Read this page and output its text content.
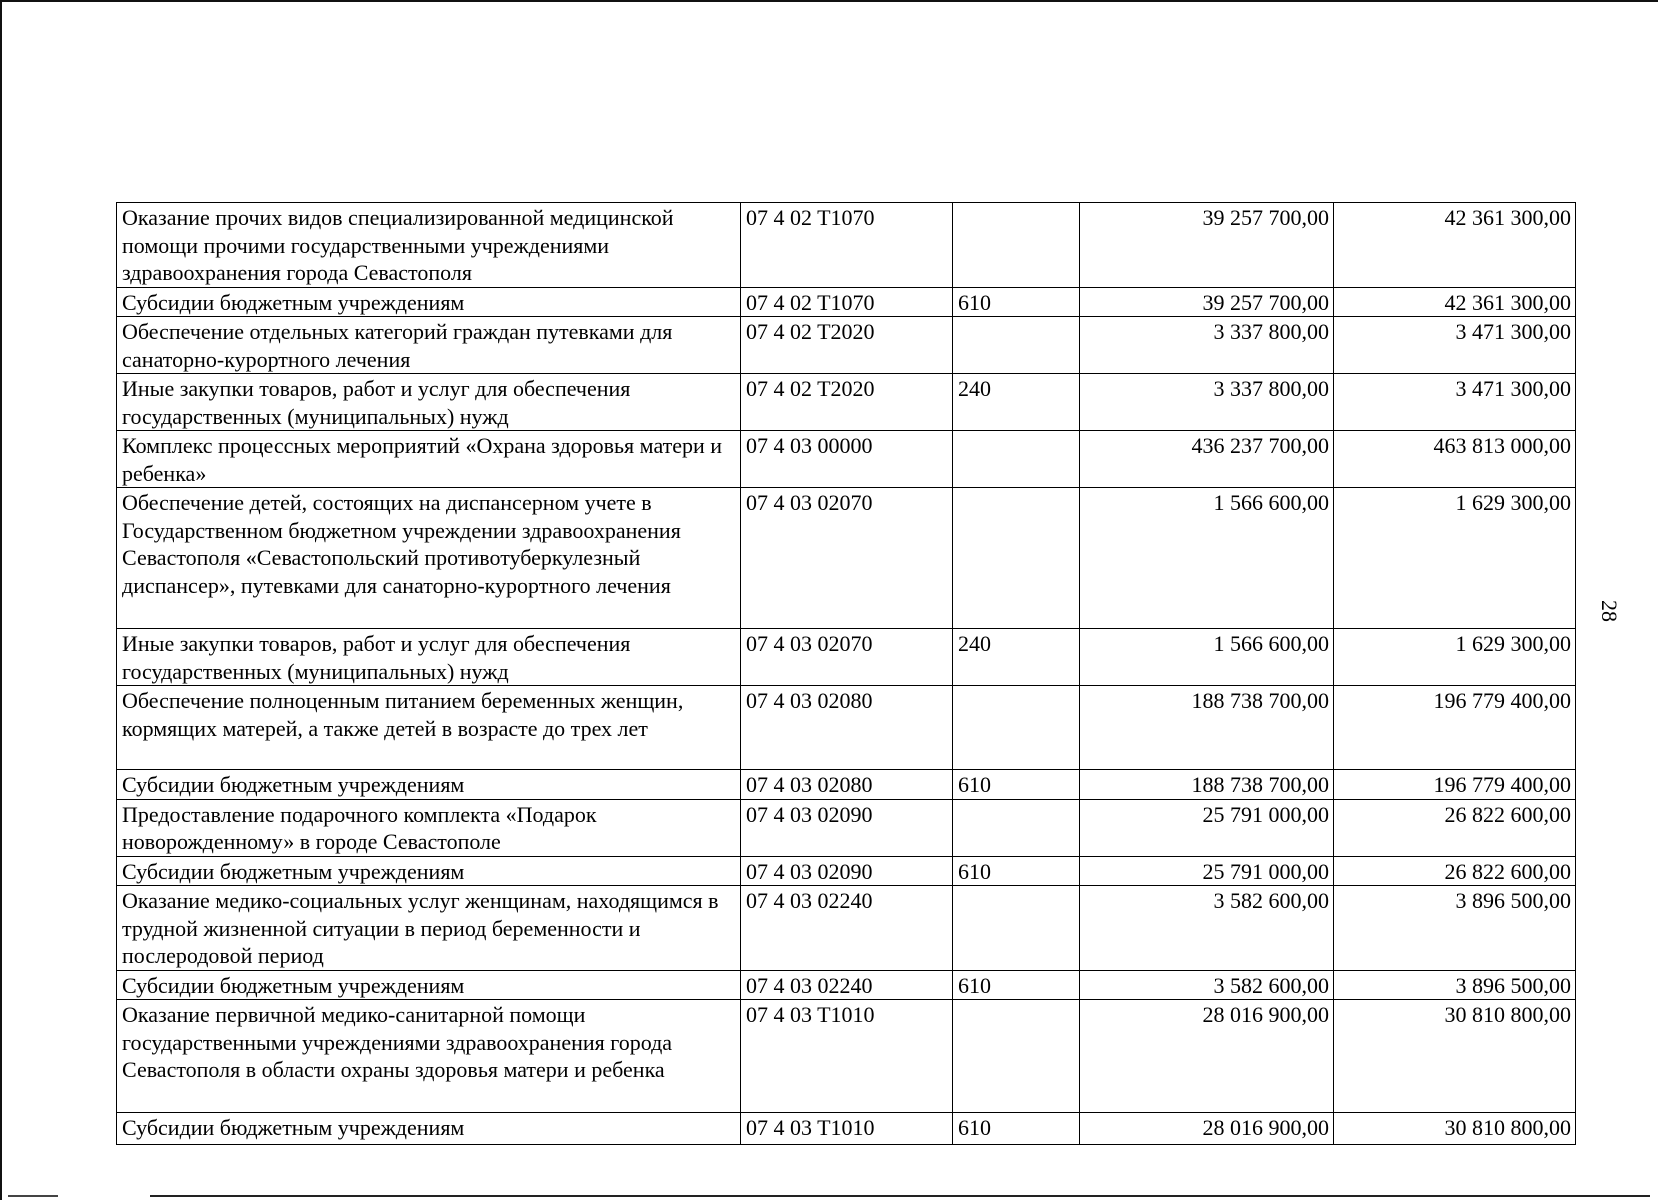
28
Оказание прочих видов специализированной медицинской помощи прочими государственными учреждениями здравоохранения города Севастополя	07 4 02 T1070		39 257 700,00	42 361 300,00
Субсидии бюджетным учреждениям	07 4 02 T1070	610	39 257 700,00	42 361 300,00
Обеспечение отдельных категорий граждан путевками для санаторно-курортного лечения	07 4 02 T2020		3 337 800,00	3 471 300,00
Иные закупки товаров, работ и услуг для обеспечения государственных (муниципальных) нужд	07 4 02 T2020	240	3 337 800,00	3 471 300,00
Комплекс процессных мероприятий «Охрана здоровья матери и ребенка»	07 4 03 00000		436 237 700,00	463 813 000,00
Обеспечение детей, состоящих на диспансерном учете в Государственном бюджетном учреждении здравоохранения Севастополя «Севастопольский противотуберкулезный диспансер», путевками для санаторно-курортного лечения	07 4 03 02070		1 566 600,00	1 629 300,00
Иные закупки товаров, работ и услуг для обеспечения государственных (муниципальных) нужд	07 4 03 02070	240	1 566 600,00	1 629 300,00
Обеспечение полноценным питанием беременных женщин, кормящих матерей, а также детей в возрасте до трех лет	07 4 03 02080		188 738 700,00	196 779 400,00
Субсидии бюджетным учреждениям	07 4 03 02080	610	188 738 700,00	196 779 400,00
Предоставление подарочного комплекта «Подарок новорожденному» в городе Севастополе	07 4 03 02090		25 791 000,00	26 822 600,00
Субсидии бюджетным учреждениям	07 4 03 02090	610	25 791 000,00	26 822 600,00
Оказание медико-социальных услуг женщинам, находящимся в трудной жизненной ситуации в период беременности и послеродовой период	07 4 03 02240		3 582 600,00	3 896 500,00
Субсидии бюджетным учреждениям	07 4 03 02240	610	3 582 600,00	3 896 500,00
Оказание первичной медико-санитарной помощи государственными учреждениями здравоохранения города Севастополя в области охраны здоровья матери и ребенка	07 4 03 T1010		28 016 900,00	30 810 800,00
Субсидии бюджетным учреждениям	07 4 03 T1010	610	28 016 900,00	30 810 800,00
